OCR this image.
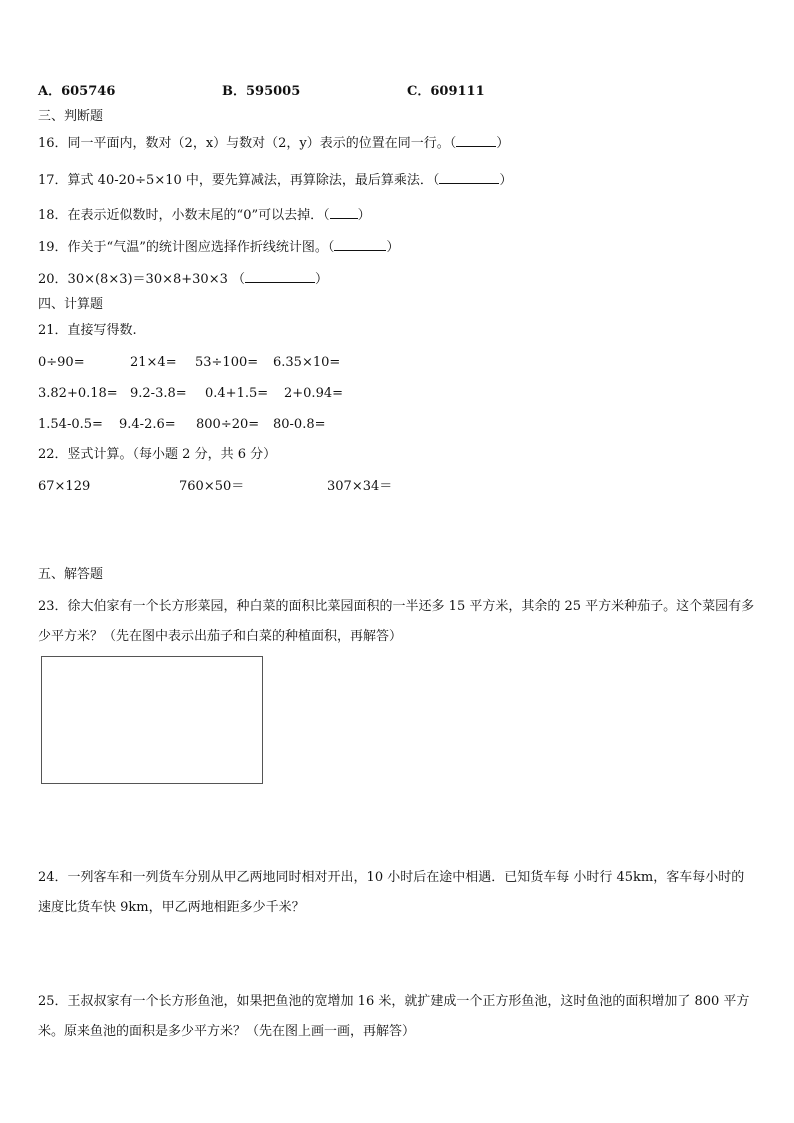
A．605746	B．595005	C．609111
三、判断题
16．同一平面内，数对（2，x）与数对（2，y）表示的位置在同一行。（	）
17．算式 40-20÷5×10 中，要先算减法，再算除法，最后算乘法．（	）
18．在表示近似数时，小数末尾的“0”可以去掉．（ ）
19．作关于“气温”的统计图应选择作折线统计图。（	）
20．30×(8×3)＝30×8+30×3 （	）
四、计算题
21．直接写得数.
0÷90=	21×4= 53÷100= 6.35×10=
3.82+0.18= 9.2-3.8= 0.4+1.5= 2+0.94=
1.54-0.5= 9.4-2.6= 800÷20= 80-0.8=
22．竖式计算。（每小题 2 分，共 6 分）
67×129	760×50＝	307×34＝
五、解答题
23．徐大伯家有一个长方形菜园，种白菜的面积比菜园面积的一半还多 15 平方米，其余的 25 平方米种茄子。这个菜园有多少平方米？（先在图中表示出茄子和白菜的种植面积，再解答）
24．一列客车和一列货车分别从甲乙两地同时相对开出，10 小时后在途中相遇．已知货车每 小时行 45km，客车每小时的速度比货车快 9km，甲乙两地相距多少千米？
25．王叔叔家有一个长方形鱼池，如果把鱼池的宽增加 16 米，就扩建成一个正方形鱼池，这时鱼池的面积增加了 800 平方米。原来鱼池的面积是多少平方米？（先在图上画一画，再解答）
